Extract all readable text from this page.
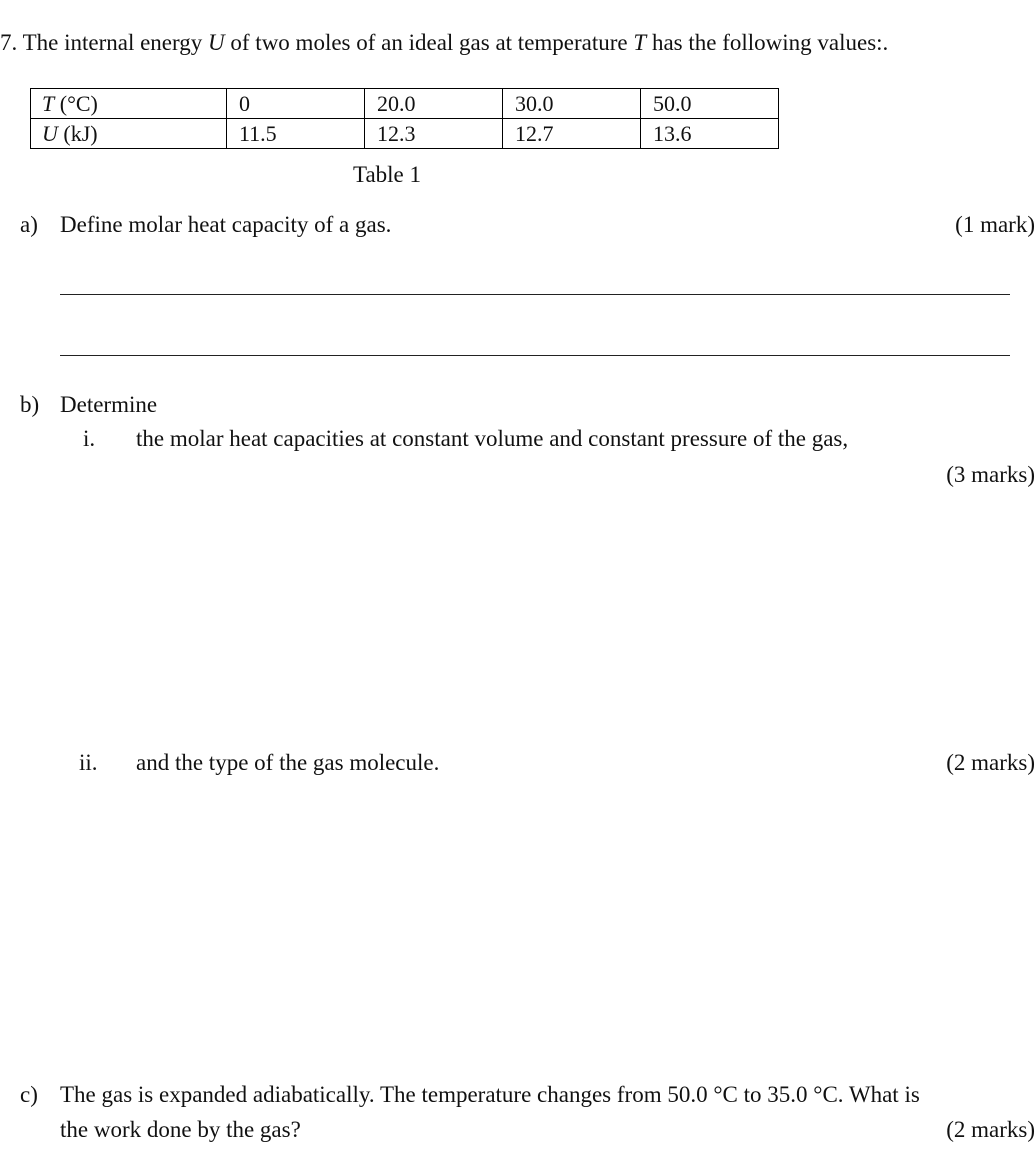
7. The internal energy U of two moles of an ideal gas at temperature T has the following values:.
T (°C)	0	20.0	30.0	50.0
U (kJ)	11.5	12.3	12.7	13.6
Table 1
a) Define molar heat capacity of a gas.	(1 mark)
b) Determine
i. the molar heat capacities at constant volume and constant pressure of the gas,
(3 marks)
ii. and the type of the gas molecule.	(2 marks)
c) The gas is expanded adiabatically. The temperature changes from 50.0 °C to 35.0 °C. What is
the work done by the gas?	(2 marks)
